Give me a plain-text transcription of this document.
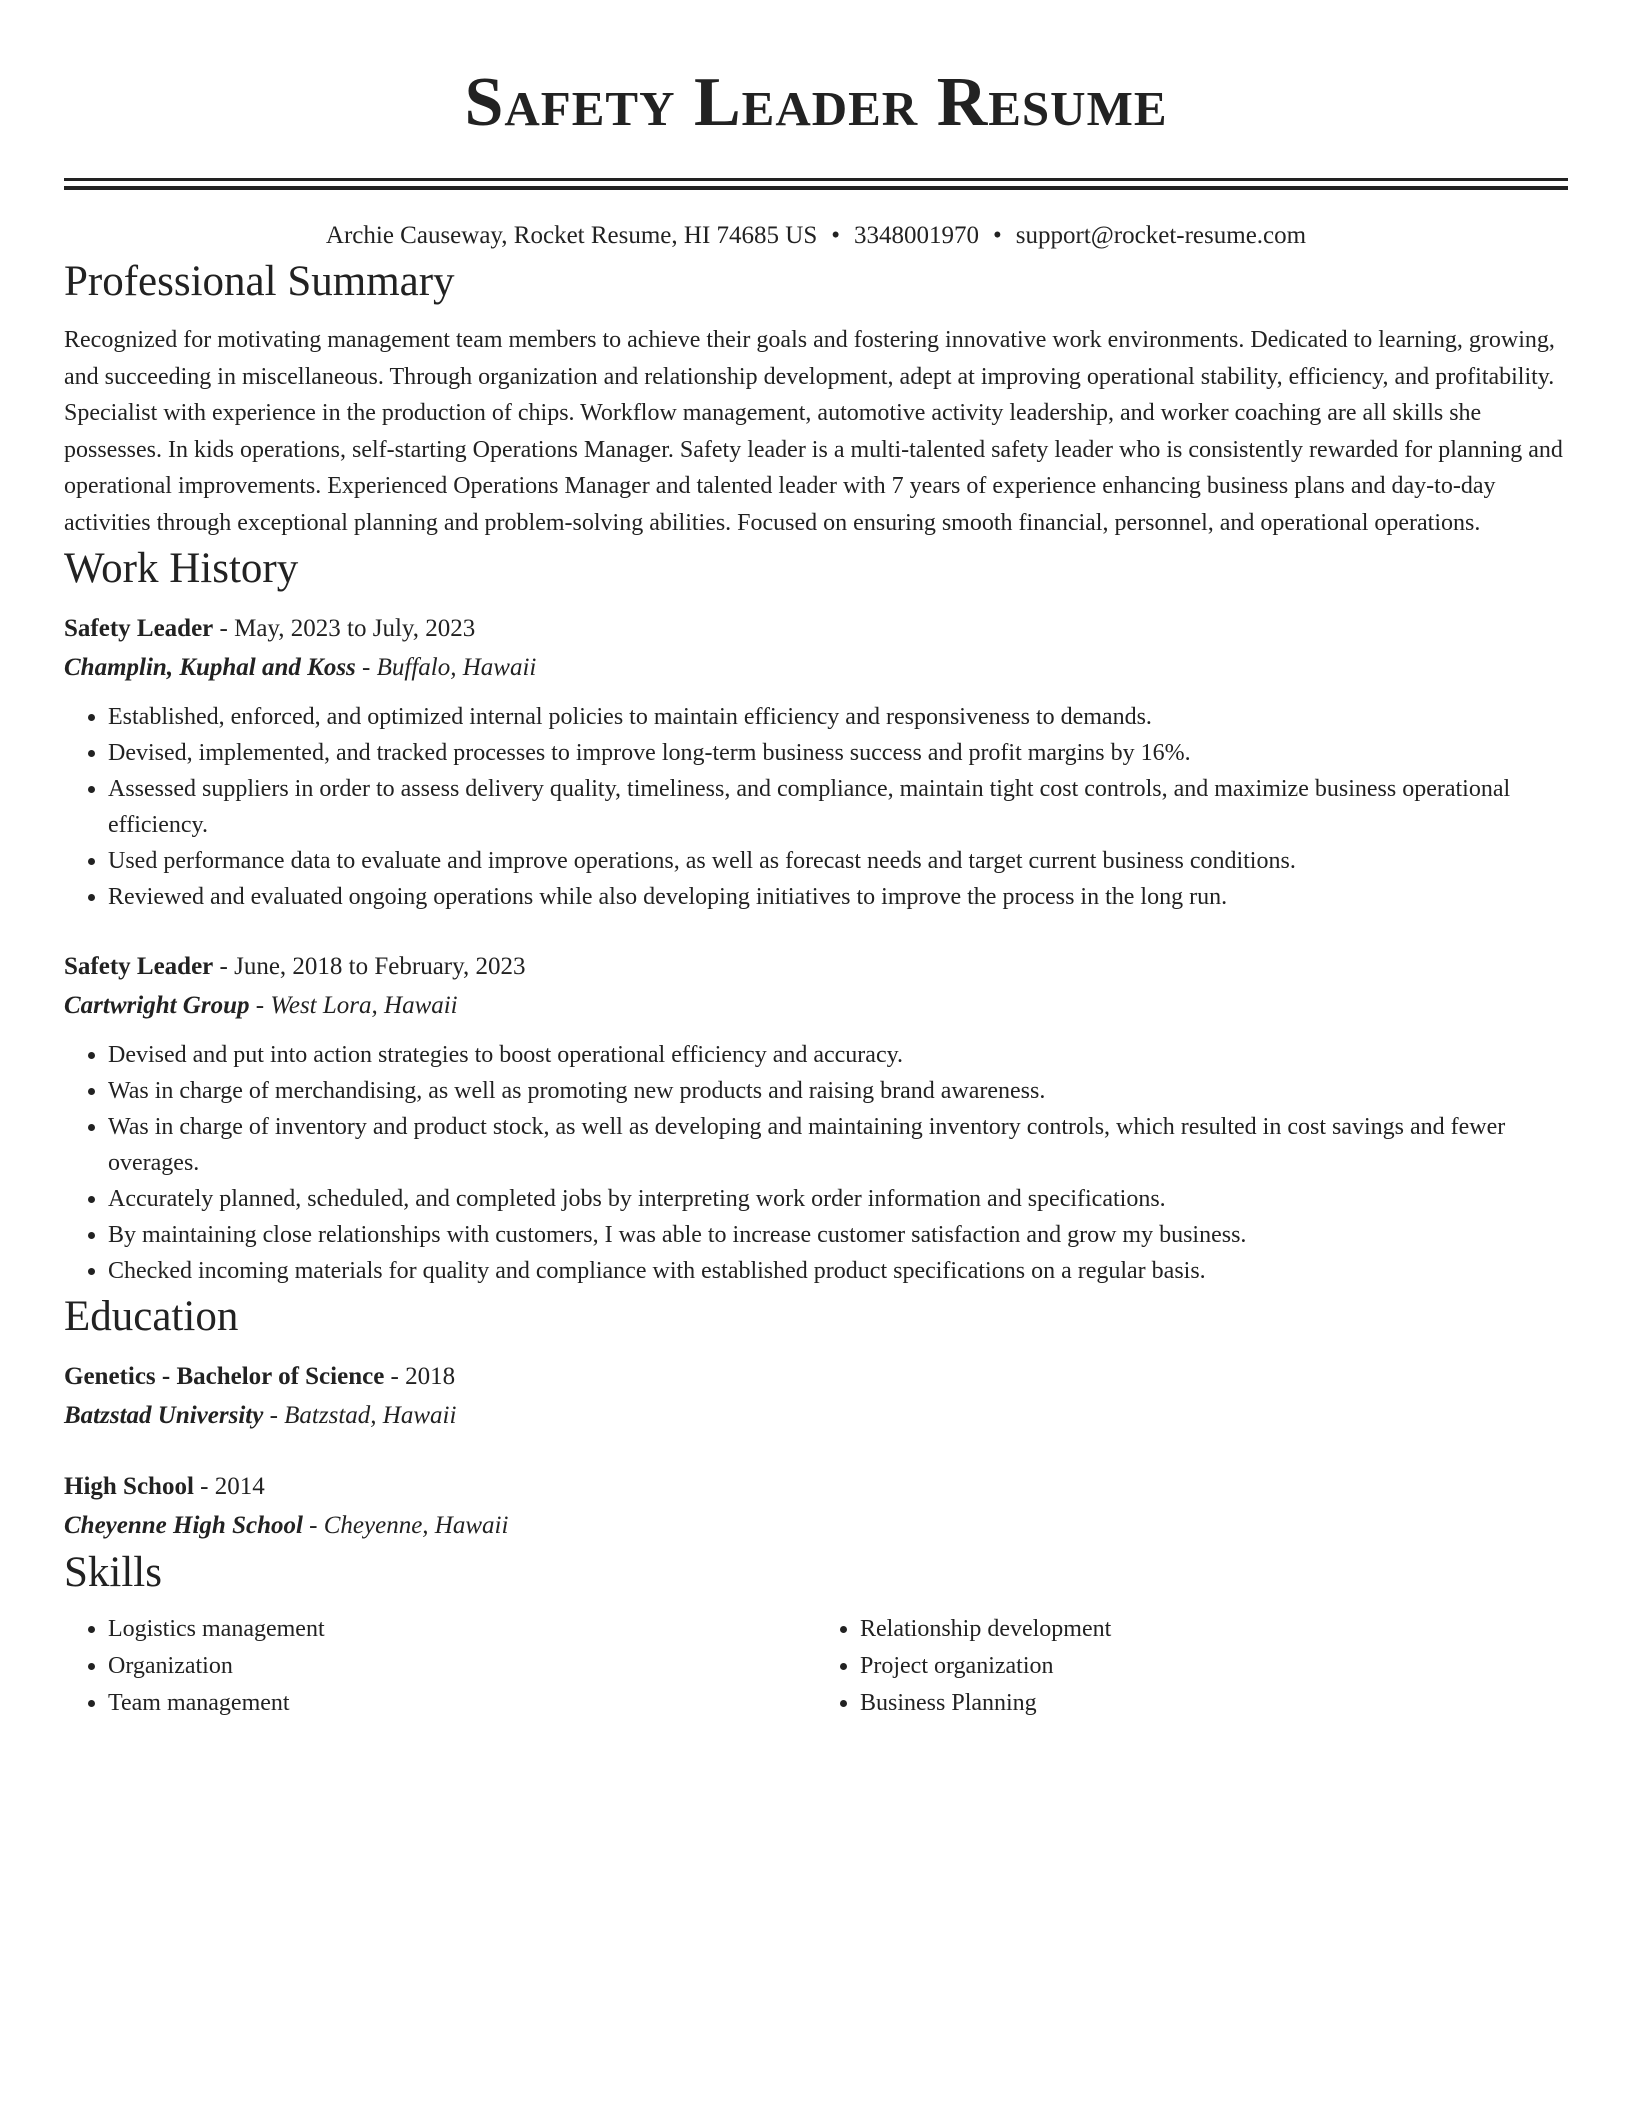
Safety Leader Resume
Archie Causeway, Rocket Resume, HI 74685 US • 3348001970 • support@rocket-resume.com
Professional Summary
Recognized for motivating management team members to achieve their goals and fostering innovative work environments. Dedicated to learning, growing, and succeeding in miscellaneous. Through organization and relationship development, adept at improving operational stability, efficiency, and profitability. Specialist with experience in the production of chips. Workflow management, automotive activity leadership, and worker coaching are all skills she possesses. In kids operations, self-starting Operations Manager. Safety leader is a multi-talented safety leader who is consistently rewarded for planning and operational improvements. Experienced Operations Manager and talented leader with 7 years of experience enhancing business plans and day-to-day activities through exceptional planning and problem-solving abilities. Focused on ensuring smooth financial, personnel, and operational operations.
Work History
Safety Leader - May, 2023 to July, 2023
Champlin, Kuphal and Koss - Buffalo, Hawaii
• Established, enforced, and optimized internal policies to maintain efficiency and responsiveness to demands.
• Devised, implemented, and tracked processes to improve long-term business success and profit margins by 16%.
• Assessed suppliers in order to assess delivery quality, timeliness, and compliance, maintain tight cost controls, and maximize business operational efficiency.
• Used performance data to evaluate and improve operations, as well as forecast needs and target current business conditions.
• Reviewed and evaluated ongoing operations while also developing initiatives to improve the process in the long run.
Safety Leader - June, 2018 to February, 2023
Cartwright Group - West Lora, Hawaii
• Devised and put into action strategies to boost operational efficiency and accuracy.
• Was in charge of merchandising, as well as promoting new products and raising brand awareness.
• Was in charge of inventory and product stock, as well as developing and maintaining inventory controls, which resulted in cost savings and fewer overages.
• Accurately planned, scheduled, and completed jobs by interpreting work order information and specifications.
• By maintaining close relationships with customers, I was able to increase customer satisfaction and grow my business.
• Checked incoming materials for quality and compliance with established product specifications on a regular basis.
Education
Genetics - Bachelor of Science - 2018
Batzstad University - Batzstad, Hawaii
High School - 2014
Cheyenne High School - Cheyenne, Hawaii
Skills
• Logistics management
• Organization
• Team management
• Relationship development
• Project organization
• Business Planning
